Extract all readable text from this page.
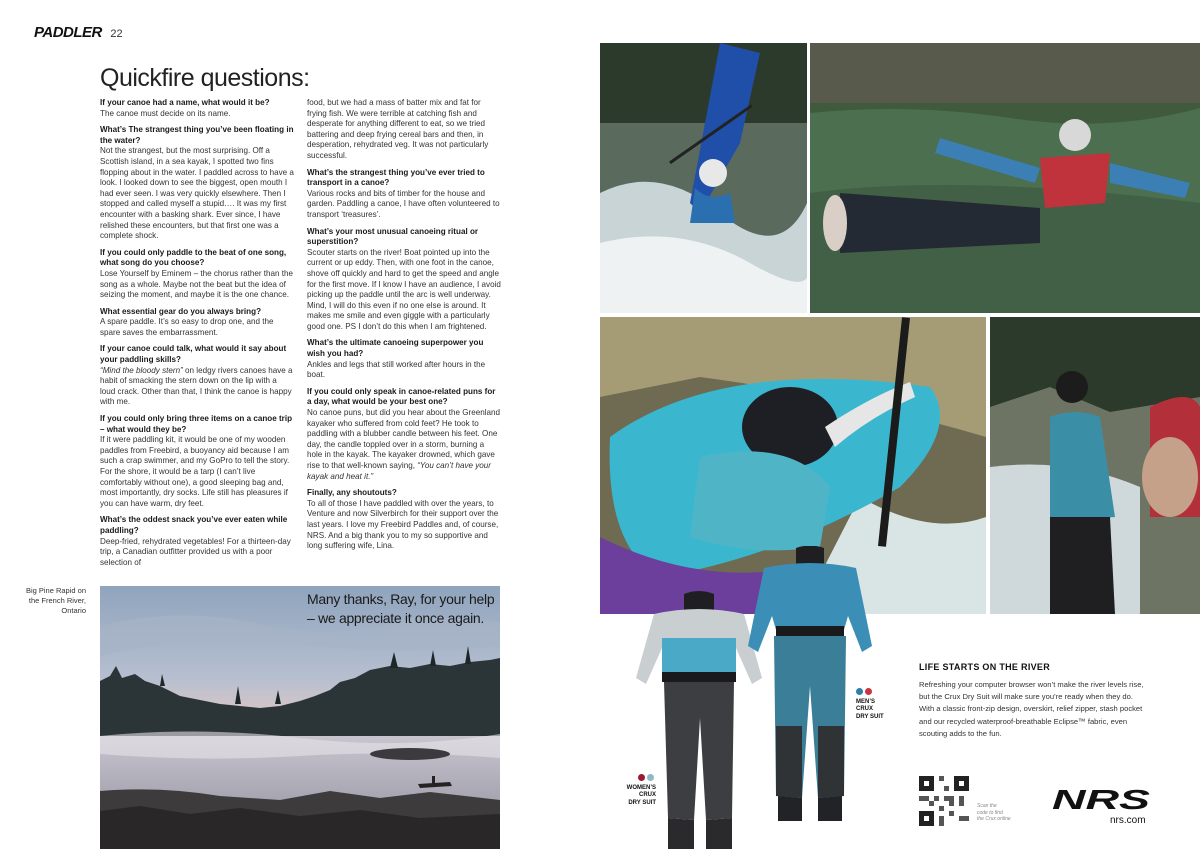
PADDLER 22
Quickfire questions:
If your canoe had a name, what would it be?
The canoe must decide on its name.
What’s The strangest thing you’ve been floating in the water?
Not the strangest, but the most surprising. Off a Scottish island, in a sea kayak, I spotted two fins flopping about in the water. I paddled across to have a look. I looked down to see the biggest, open mouth I had ever seen. I was very quickly elsewhere. Then I stopped and called myself a stupid…. It was my first encounter with a basking shark. Ever since, I have relished these encounters, but that first one was a complete shock.
If you could only paddle to the beat of one song, what song do you choose?
Lose Yourself by Eminem – the chorus rather than the song as a whole. Maybe not the beat but the idea of seizing the moment, and maybe it is the one chance.
What essential gear do you always bring?
A spare paddle. It’s so easy to drop one, and the spare saves the embarrassment.
If your canoe could talk, what would it say about your paddling skills?
“Mind the bloody stern” on ledgy rivers canoes have a habit of smacking the stern down on the lip with a loud crack. Other than that, I think the canoe is happy with me.
If you could only bring three items on a canoe trip – what would they be?
If it were paddling kit, it would be one of my wooden paddles from Freebird, a buoyancy aid because I am such a crap swimmer, and my GoPro to tell the story. For the shore, it would be a tarp (I can’t live comfortably without one), a good sleeping bag and, most importantly, dry socks. Life still has pleasures if you can have warm, dry feet.
What’s the oddest snack you’ve ever eaten while paddling?
Deep-fried, rehydrated vegetables! For a thirteen-day trip, a Canadian outfitter provided us with a poor selection of
food, but we had a mass of batter mix and fat for frying fish. We were terrible at catching fish and desperate for anything different to eat, so we tried battering and deep frying cereal bars and then, in desperation, rehydrated veg. It was not particularly successful.
What’s the strangest thing you’ve ever tried to transport in a canoe?
Various rocks and bits of timber for the house and garden. Paddling a canoe, I have often volunteered to transport ‘treasures’.
What’s your most unusual canoeing ritual or superstition?
Scouter starts on the river! Boat pointed up into the current or up eddy. Then, with one foot in the canoe, shove off quickly and hard to get the speed and angle for the first move. If I know I have an audience, I avoid picking up the paddle until the arc is well underway. Mind, I will do this even if no one else is around. It makes me smile and even giggle with a particularly good one. PS I don’t do this when I am frightened.
What’s the ultimate canoeing superpower you wish you had?
Ankles and legs that still worked after hours in the boat.
If you could only speak in canoe-related puns for a day, what would be your best one?
No canoe puns, but did you hear about the Greenland kayaker who suffered from cold feet? He took to paddling with a blubber candle between his feet. One day, the candle toppled over in a storm, burning a hole in the kayak. The kayaker drowned, which gave rise to that well-known saying, “You can’t have your kayak and heat it.”
Finally, any shoutouts?
To all of those I have paddled with over the years, to Venture and now Silverbirch for their support over the last years. I love my Freebird Paddles and, of course, NRS. And a big thank you to my so supportive and long suffering wife, Lina.
Big Pine Rapid on the French River, Ontario
Many thanks, Ray, for your help – we appreciate it once again.
MEN’S
CRUX
DRY SUIT
WOMEN’S
CRUX
DRY SUIT
LIFE STARTS ON THE RIVER
Refreshing your computer browser won’t make the river levels rise, but the Crux Dry Suit will make sure you’re ready when they do. With a classic front-zip design, overskirt, relief zipper, stash pocket and our recycled waterproof-breathable Eclipse™ fabric, even scouting adds to the fun.
Scan the
code to find
the Crux online
NRS
nrs.com
